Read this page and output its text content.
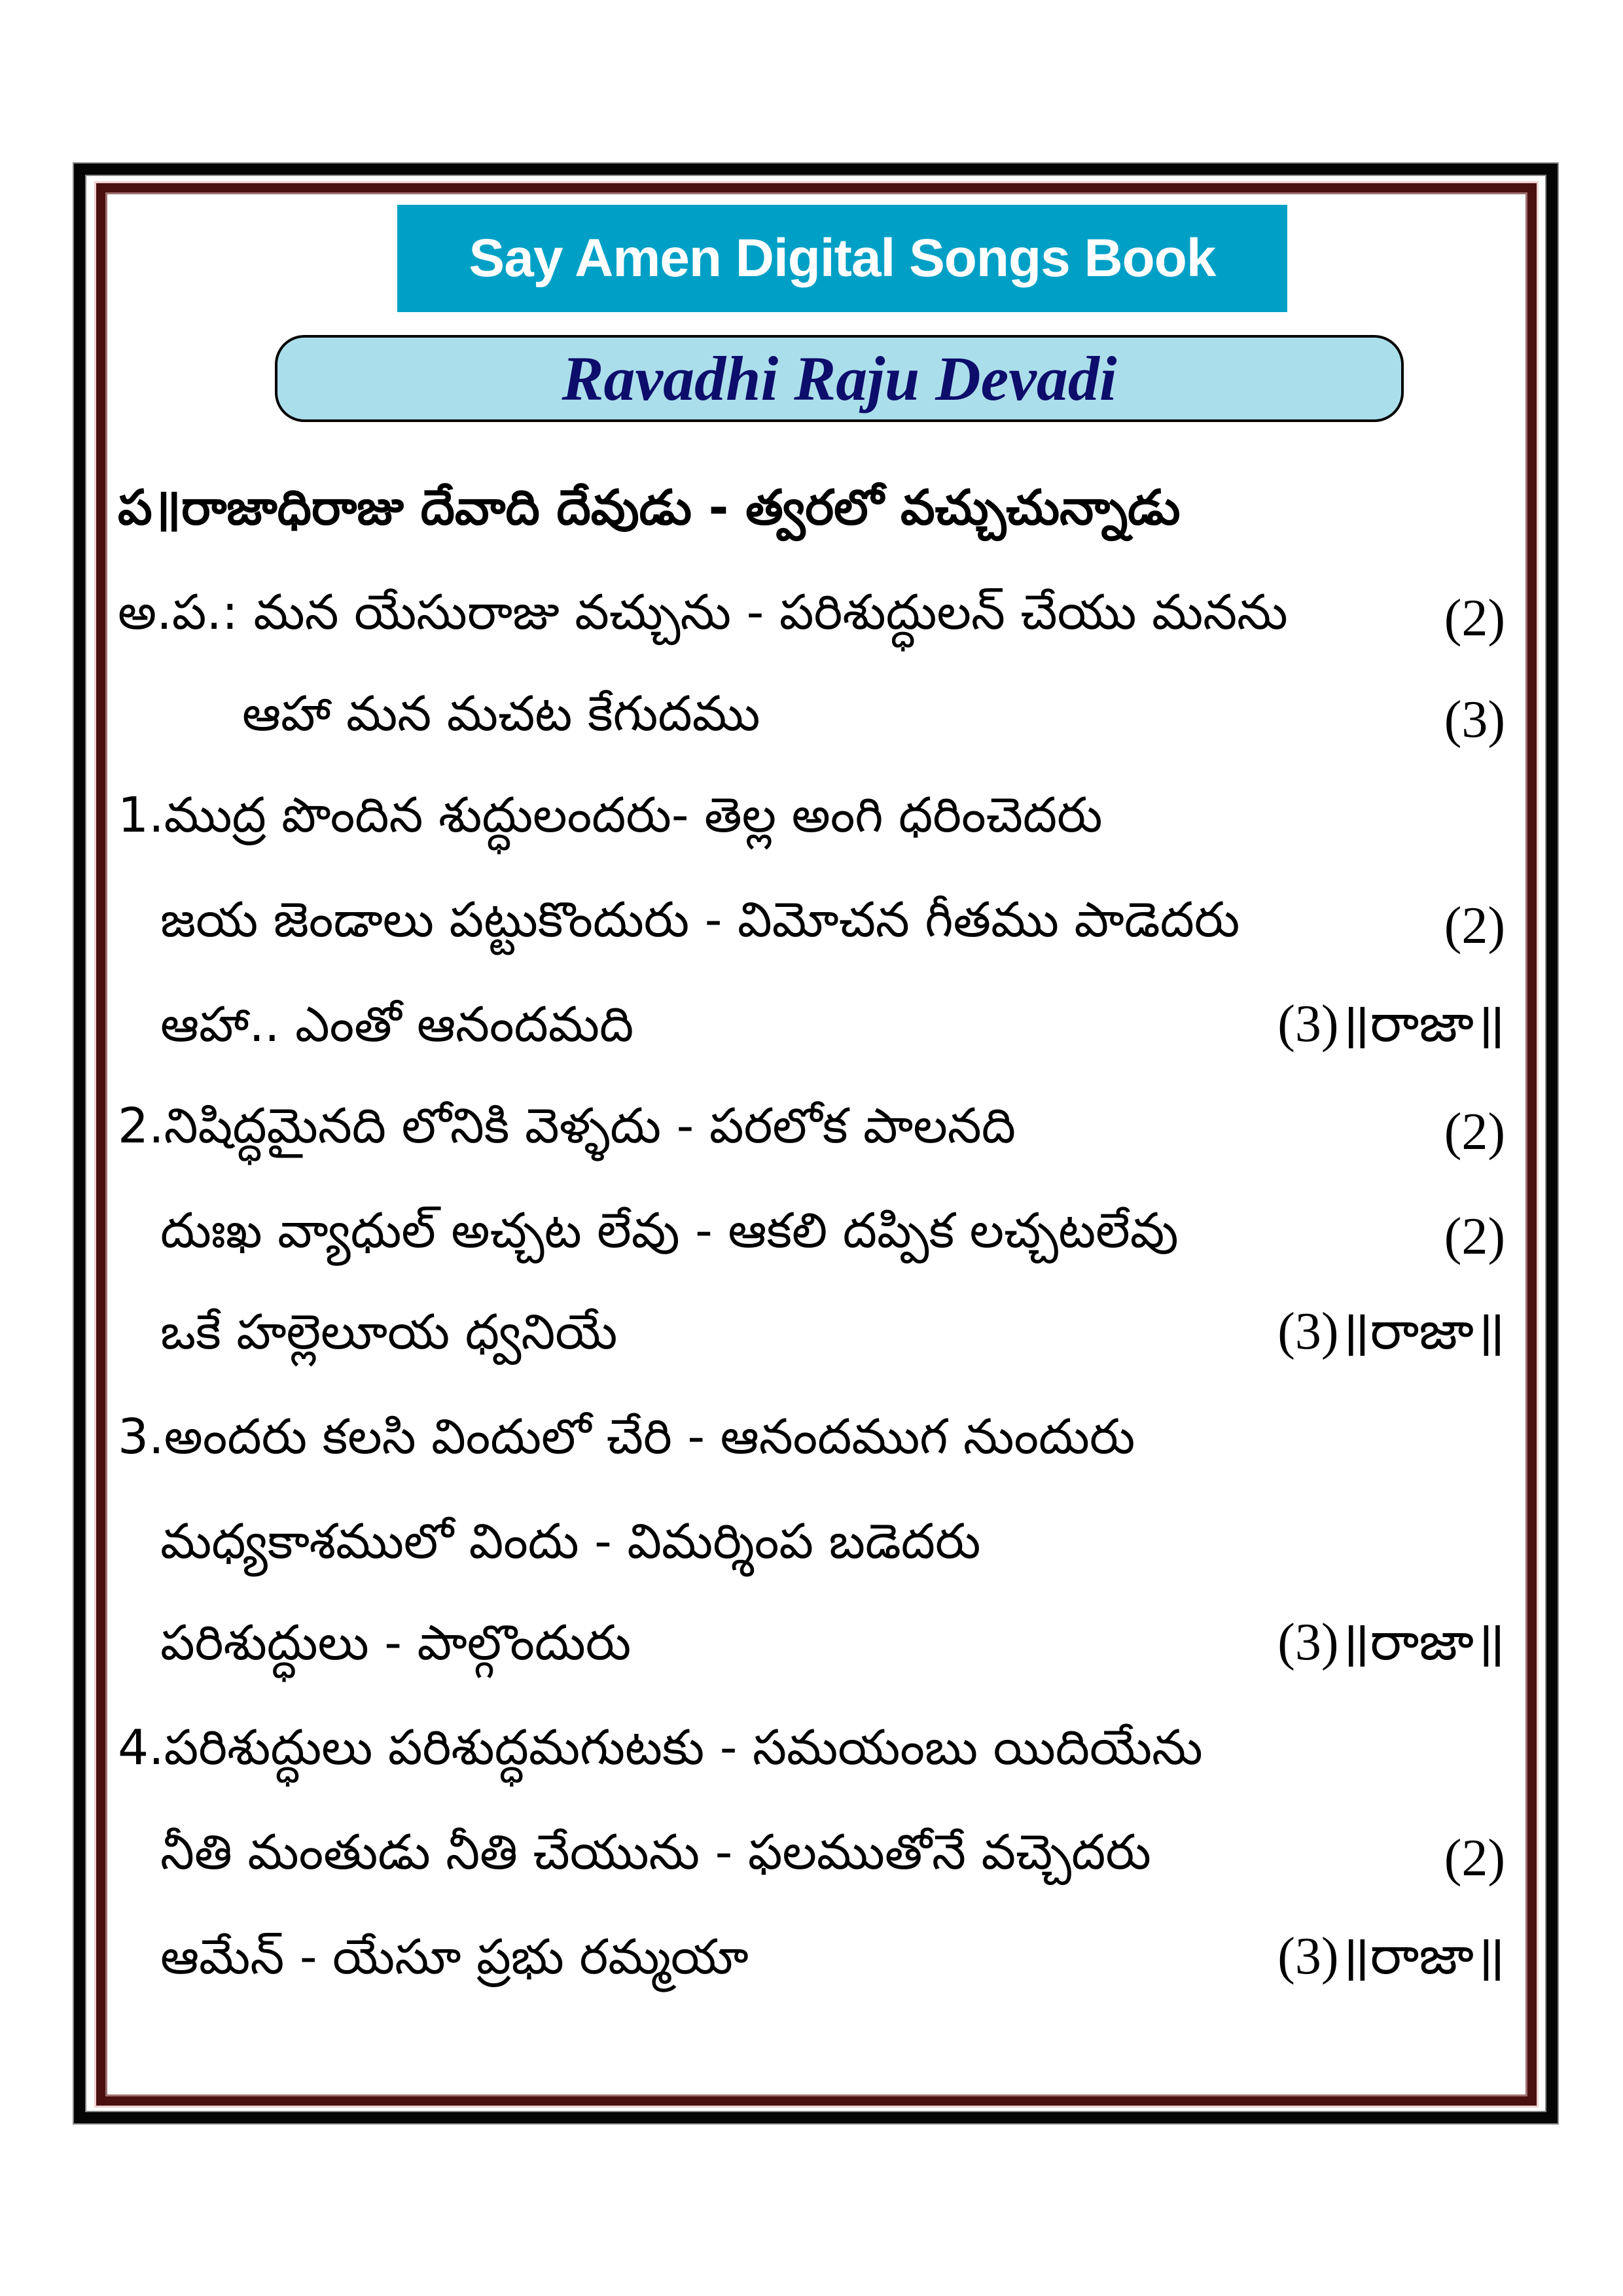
Say Amen Digital Songs Book
Ravadhi Raju Devadi
ప॥రాజాధిరాజు దేవాది దేవుడు - త్వరలో వచ్చుచున్నాడు
అ.ప.: మన యేసురాజు వచ్చును - పరిశుద్ధులన్ చేయు మనను	(2)
ఆహా మన మచట కేగుదము	(3)
1.ముద్ర పొందిన శుద్ధులందరు- తెల్ల అంగి ధరించెదరు
జయ జెండాలు పట్టుకొందురు - విమోచన గీతము పాడెదరు	(2)
ఆహా.. ఎంతో ఆనందమది	(3)॥రాజా॥
2.నిషిద్ధమైనది లోనికి వెళ్ళదు - పరలోక పాలనది	(2)
దుఃఖ వ్యాధుల్ అచ్చట లేవు - ఆకలి దప్పిక లచ్చటలేవు	(2)
ఒకే హల్లెలూయ ధ్వనియే	(3)॥రాజా॥
3.అందరు కలసి విందులో చేరి - ఆనందముగ నుందురు
మధ్యకాశములో విందు - విమర్శింప బడెదరు
పరిశుద్ధులు - పాల్గొందురు	(3)॥రాజా॥
4.పరిశుద్ధులు పరిశుద్ధమగుటకు - సమయంబు యిదియేను
నీతి మంతుడు నీతి చేయును - ఫలముతోనే వచ్చెదరు	(2)
ఆమేన్ - యేసూ ప్రభు రమ్మయా	(3)॥రాజా॥
